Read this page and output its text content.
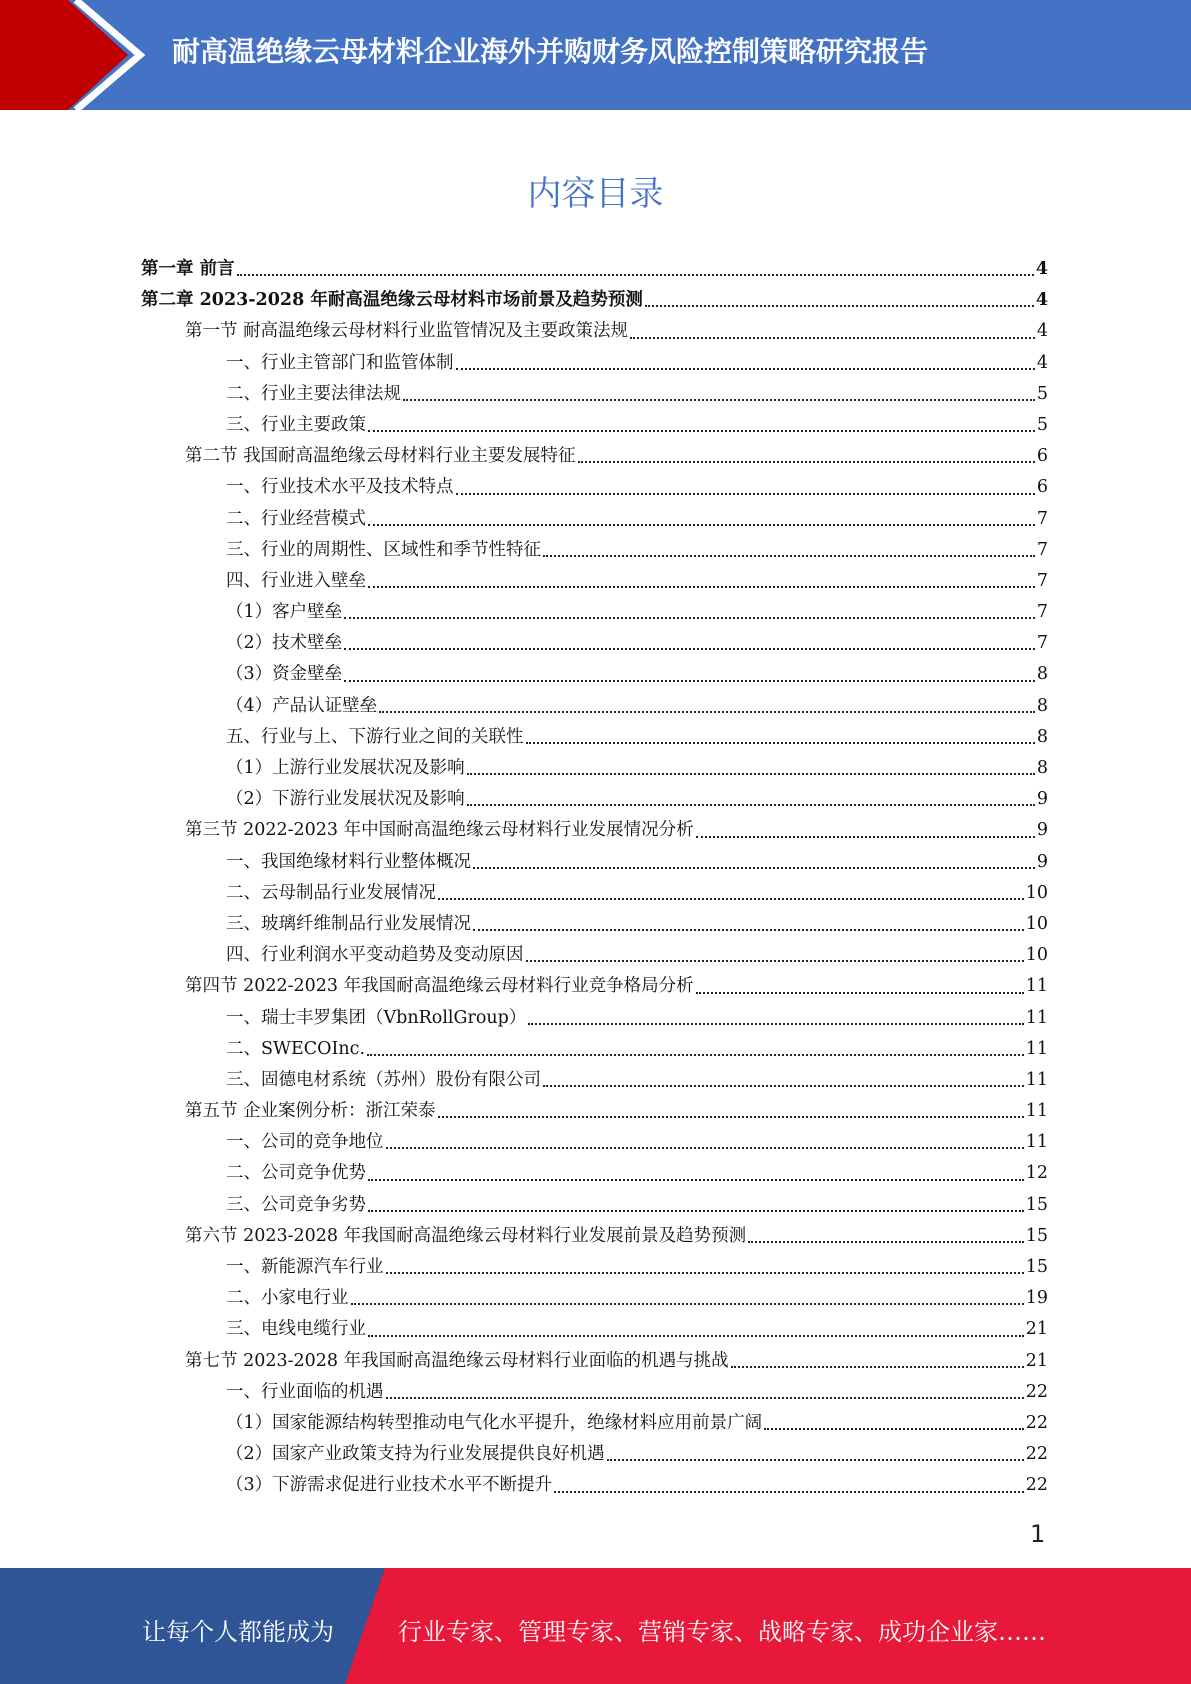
耐高温绝缘云母材料企业海外并购财务风险控制策略研究报告
内容目录
第一章 前言	4
第二章 2023-2028 年耐高温绝缘云母材料市场前景及趋势预测	4
第一节 耐高温绝缘云母材料行业监管情况及主要政策法规	4
一、行业主管部门和监管体制	4
二、行业主要法律法规	5
三、行业主要政策	5
第二节 我国耐高温绝缘云母材料行业主要发展特征	6
一、行业技术水平及技术特点	6
二、行业经营模式	7
三、行业的周期性、区域性和季节性特征	7
四、行业进入壁垒	7
（1）客户壁垒	7
（2）技术壁垒	7
（3）资金壁垒	8
（4）产品认证壁垒	8
五、行业与上、下游行业之间的关联性	8
（1）上游行业发展状况及影响	8
（2）下游行业发展状况及影响	9
第三节 2022-2023 年中国耐高温绝缘云母材料行业发展情况分析	9
一、我国绝缘材料行业整体概况	9
二、云母制品行业发展情况	10
三、玻璃纤维制品行业发展情况	10
四、行业利润水平变动趋势及变动原因	10
第四节 2022-2023 年我国耐高温绝缘云母材料行业竞争格局分析	11
一、瑞士丰罗集团（VbnRollGroup）	11
二、SWECOInc.	11
三、固德电材系统（苏州）股份有限公司	11
第五节 企业案例分析：浙江荣泰	11
一、公司的竞争地位	11
二、公司竞争优势	12
三、公司竞争劣势	15
第六节 2023-2028 年我国耐高温绝缘云母材料行业发展前景及趋势预测	15
一、新能源汽车行业	15
二、小家电行业	19
三、电线电缆行业	21
第七节 2023-2028 年我国耐高温绝缘云母材料行业面临的机遇与挑战	21
一、行业面临的机遇	22
（1）国家能源结构转型推动电气化水平提升，绝缘材料应用前景广阔	22
（2）国家产业政策支持为行业发展提供良好机遇	22
（3）下游需求促进行业技术水平不断提升	22
1
让每个人都能成为	行业专家、管理专家、营销专家、战略专家、成功企业家……
